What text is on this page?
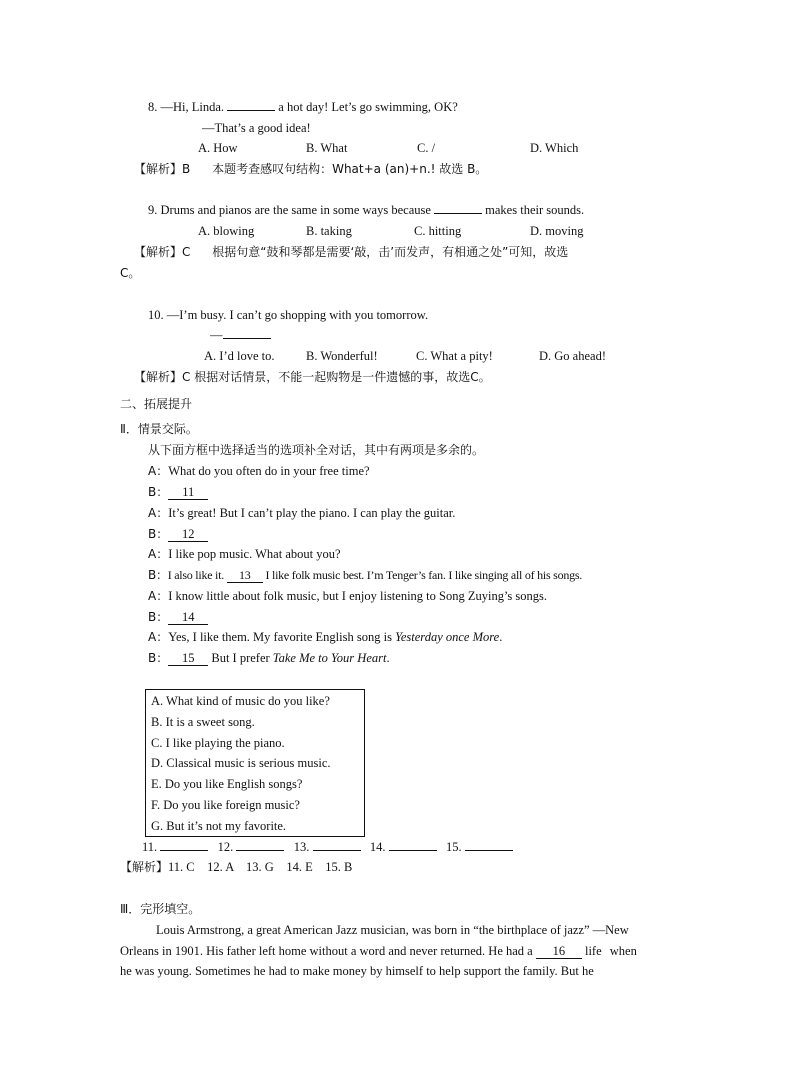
8. —Hi, Linda.	a hot day! Let’s go swimming, OK?
—That’s a good idea!
A. How	B. What	C. /	D. Which
【解析】B 本题考查感叹句结构：What+a (an)+n.! 故选 B。
9. Drums and pianos are the same in some ways because	makes their sounds.
A. blowing	B. taking	C. hitting	D. moving
【解析】C 根据句意“鼓和琴都是需要‘敲，击’而发声，有相通之处”可知，故选
C。
10. —I’m busy. I can’t go shopping with you tomorrow.
—
A. I’d love to.	B. Wonderful!	C. What a pity!	D. Go ahead!
【解析】C 根据对话情景，不能一起购物是一件遗憾的事，故选C。
二、拓展提升
Ⅱ．情景交际。
从下面方框中选择适当的选项补全对话，其中有两项是多余的。
A：What do you often do in your free time?
B： 11
A：It’s great! But I can’t play the piano. I can play the guitar.
B： 12
A：I like pop music. What about you?
B：I also like it. 13 I like folk music best. I’m Tenger’s fan. I like singing all of his songs.
A：I know little about folk music, but I enjoy listening to Song Zuying’s songs.
B： 14
A：Yes, I like them. My favorite English song is Yesterday once More.
B： 15 But I prefer Take Me to Your Heart.
A. What kind of music do you like?
B. It is a sweet song.
C. I like playing the piano.
D. Classical music is serious music.
E. Do you like English songs?
F. Do you like foreign music?
G. But it’s not my favorite.
11.	12.	13.	14.	15.
【解析】11. C    12. A    13. G    14. E    15. B
Ⅲ．完形填空。
Louis Armstrong, a great American Jazz musician, was born in “the birthplace of jazz” —New
Orleans in 1901. His father left home without a word and never returned. He had a 16 life when
he was young. Sometimes he had to make money by himself to help support the family. But he
